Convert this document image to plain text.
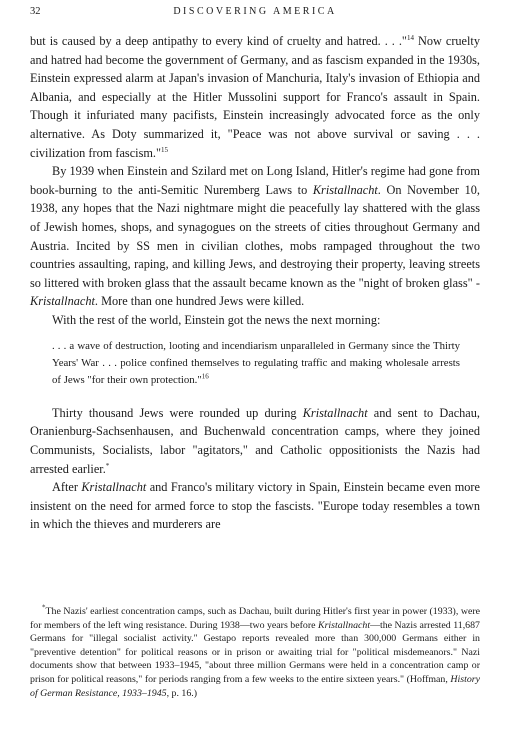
32	DISCOVERING AMERICA

but is caused by a deep antipathy to every kind of cruelty and hatred. . . ."$^{14}$ Now cruelty and hatred had become the government of Germany, and as fascism expanded in the 1930s, Einstein expressed alarm at Japan's invasion of Manchuria, Italy's invasion of Ethiopia and Albania, and especially at the Hitler Mussolini support for Franco's assault in Spain. Though it infuriated many pacifists, Einstein increasingly advocated force as the only alternative. As Doty summarized it, "Peace was not above survival or saving . . . civilization from fascism."$^{15}$

By 1939 when Einstein and Szilard met on Long Island, Hitler's regime had gone from book-burning to the anti-Semitic Nuremberg Laws to Kristallnacht. On November 10, 1938, any hopes that the Nazi nightmare might die peacefully lay shattered with the glass of Jewish homes, shops, and synagogues on the streets of cities throughout Germany and Austria. Incited by SS men in civilian clothes, mobs rampaged throughout the two countries assaulting, raping, and killing Jews, and destroying their property, leaving streets so littered with broken glass that the assault became known as the "night of broken glass" - Kristallnacht. More than one hundred Jews were killed.

With the rest of the world, Einstein got the news the next morning:

. . . a wave of destruction, looting and incendiarism unparalleled in Germany since the Thirty Years' War . . . police confined themselves to regulating traffic and making wholesale arrests of Jews "for their own protection."$^{16}$

Thirty thousand Jews were rounded up during Kristallnacht and sent to Dachau, Oranienburg-Sachsenhausen, and Buchenwald concentration camps, where they joined Communists, Socialists, labor "agitators," and Catholic oppositionists the Nazis had arrested earlier.*

After Kristallnacht and Franco's military victory in Spain, Einstein became even more insistent on the need for armed force to stop the fascists. "Europe today resembles a town in which the thieves and murderers are

*The Nazis' earliest concentration camps, such as Dachau, built during Hitler's first year in power (1933), were for members of the left wing resistance. During 1938—two years before Kristallnacht—the Nazis arrested 11,687 Germans for "illegal socialist activity." Gestapo reports revealed more than 300,000 Germans either in "preventive detention" for political reasons or in prison or awaiting trial for "political misdemeanors." Nazi documents show that between 1933–1945, "about three million Germans were held in a concentration camp or prison for political reasons," for periods ranging from a few weeks to the entire sixteen years." (Hoffman, History of German Resistance, 1933–1945, p. 16.)
